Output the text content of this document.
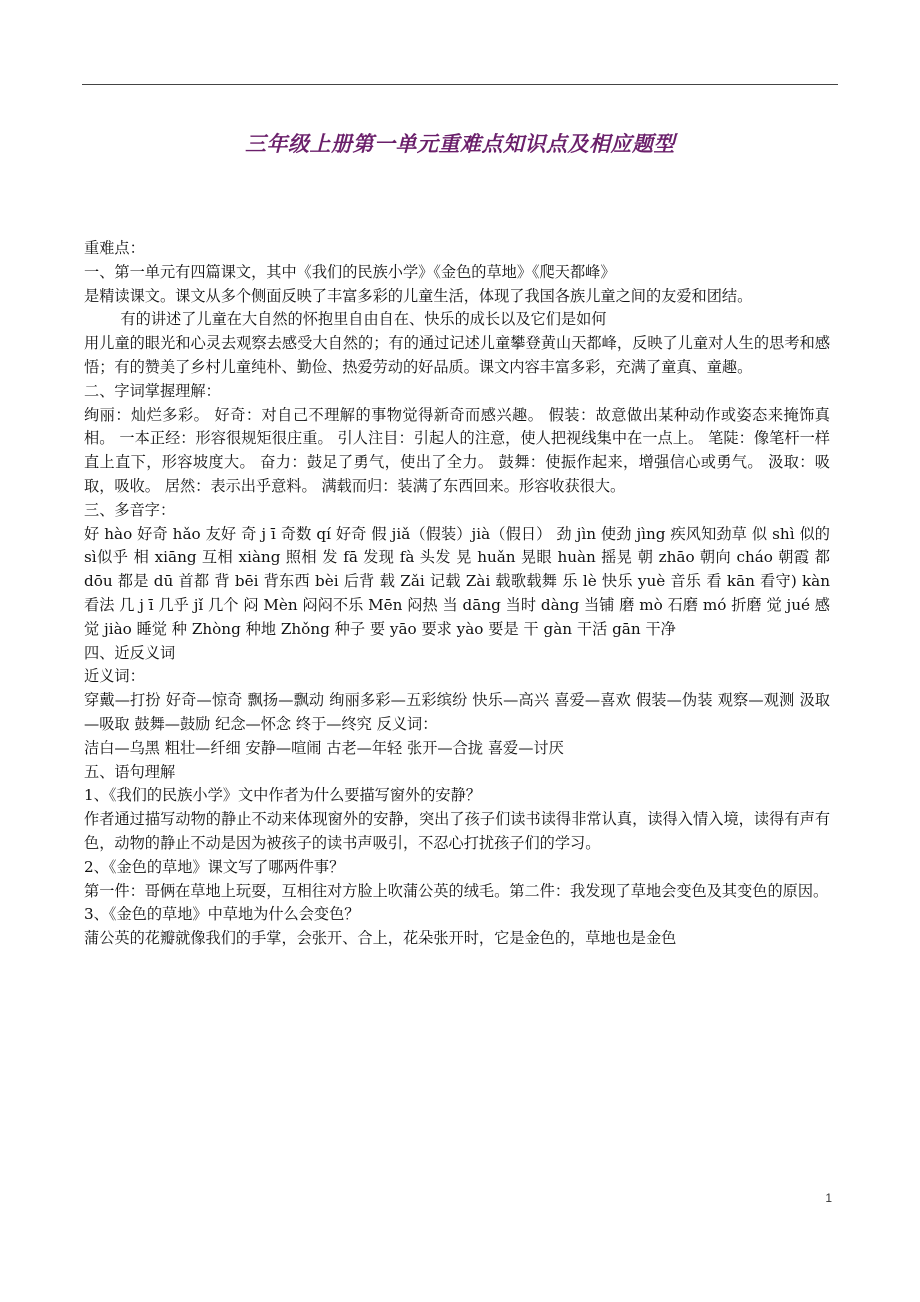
三年级上册第一单元重难点知识点及相应题型

重难点：

一、第一单元有四篇课文，其中《我们的民族小学》《金色的草地》《爬天都峰》

是精读课文。课文从多个侧面反映了丰富多彩的儿童生活，体现了我国各族儿童之间的友爱和团结。

有的讲述了儿童在大自然的怀抱里自由自在、快乐的成长以及它们是如何

用儿童的眼光和心灵去观察去感受大自然的；有的通过记述儿童攀登黄山天都峰，反映了儿童对人生的思考和感悟；有的赞美了乡村儿童纯朴、勤俭、热爱劳动的好品质。课文内容丰富多彩，充满了童真、童趣。

二、字词掌握理解：

绚丽：灿烂多彩。 好奇：对自己不理解的事物觉得新奇而感兴趣。 假装：故意做出某种动作或姿态来掩饰真相。 一本正经：形容很规矩很庄重。 引人注目：引起人的注意，使人把视线集中在一点上。 笔陡：像笔杆一样直上直下，形容坡度大。 奋力：鼓足了勇气，使出了全力。 鼓舞：使振作起来，增强信心或勇气。 汲取：吸取，吸收。 居然：表示出乎意料。 满载而归：装满了东西回来。形容收获很大。

三、多音字：

好 hào 好奇 hǎo 友好 奇 j ī 奇数 qí 好奇 假 jiǎ（假装）jià（假日） 劲 jìn 使劲 jìng 疾风知劲草 似 shì 似的 sì似乎 相 xiāng 互相 xiàng 照相 发 fā 发现 fà 头发 晃 huǎn 晃眼 huàn 摇晃 朝 zhāo 朝向 cháo 朝霞 都 dōu 都是 dū 首都 背 bēi 背东西 bèi 后背 载 Zǎi 记载 Zài 载歌载舞 乐 lè 快乐 yuè 音乐 看 kān 看守) kàn 看法 几 j ī 几乎 jǐ 几个 闷 Mèn 闷闷不乐 Mēn 闷热 当 dāng 当时 dàng 当铺 磨 mò 石磨 mó 折磨 觉 jué 感觉 jiào 睡觉 种 Zhòng 种地 Zhǒng 种子 要 yāo 要求 yào 要是 干 gàn 干活 gān 干净

四、近反义词

近义词：

穿戴—打扮 好奇—惊奇 飘扬—飘动 绚丽多彩—五彩缤纷 快乐—高兴 喜爱—喜欢 假装—伪装 观察—观测 汲取—吸取 鼓舞—鼓励 纪念—怀念 终于—终究 反义词：

洁白—乌黑 粗壮—纤细 安静—喧闹 古老—年轻 张开—合拢 喜爱—讨厌

五、语句理解

1、《我们的民族小学》文中作者为什么要描写窗外的安静？

作者通过描写动物的静止不动来体现窗外的安静，突出了孩子们读书读得非常认真，读得入情入境，读得有声有色，动物的静止不动是因为被孩子的读书声吸引，不忍心打扰孩子们的学习。

2、《金色的草地》课文写了哪两件事？

第一件：哥俩在草地上玩耍，互相往对方脸上吹蒲公英的绒毛。第二件：我发现了草地会变色及其变色的原因。

3、《金色的草地》中草地为什么会变色？

蒲公英的花瓣就像我们的手掌，会张开、合上，花朵张开时，它是金色的，草地也是金色

1
